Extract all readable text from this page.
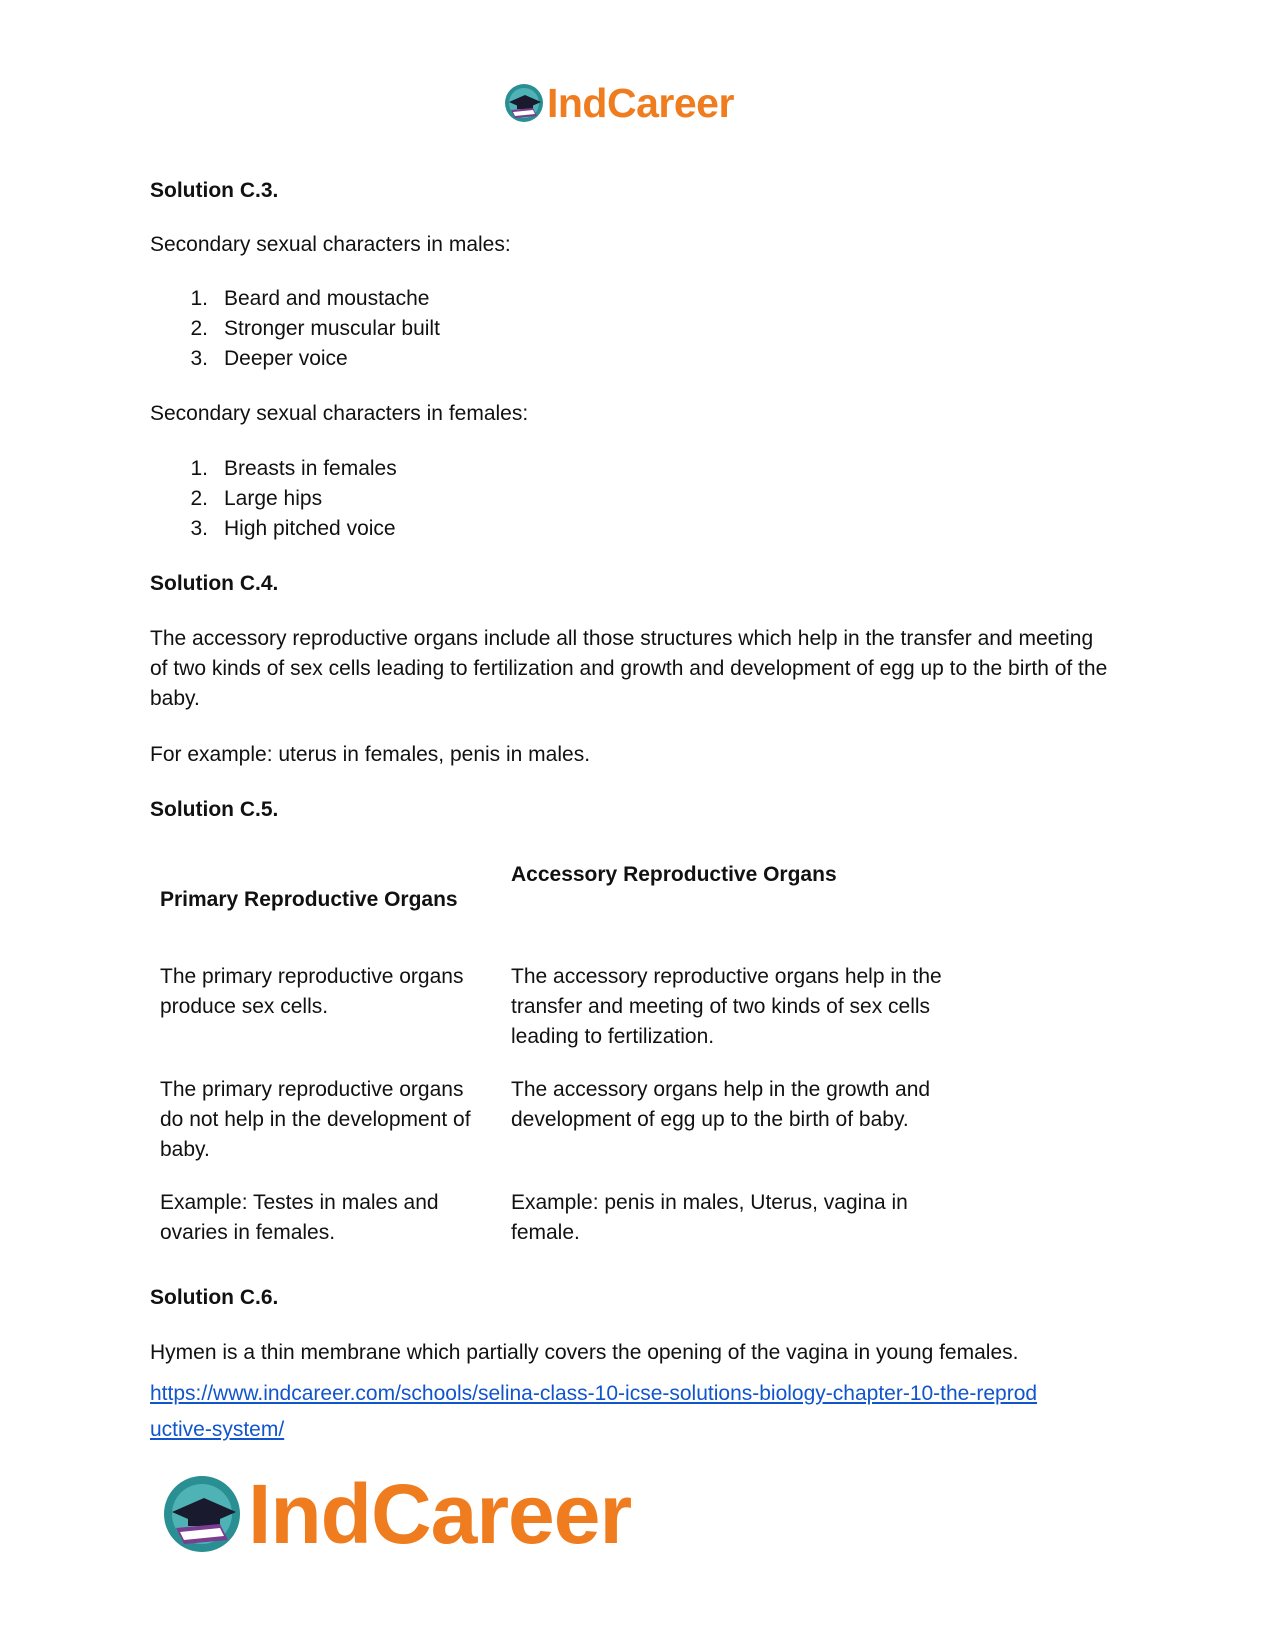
IndCareer
Solution C.3.
Secondary sexual characters in males:
1. Beard and moustache
2. Stronger muscular built
3. Deeper voice
Secondary sexual characters in females:
1. Breasts in females
2. Large hips
3. High pitched voice
Solution C.4.
The accessory reproductive organs include all those structures which help in the transfer and meeting of two kinds of sex cells leading to fertilization and growth and development of egg up to the birth of the baby.
For example: uterus in females, penis in males.
Solution C.5.
Accessory Reproductive Organs
Primary Reproductive Organs
The primary reproductive organs produce sex cells.
The accessory reproductive organs help in the transfer and meeting of two kinds of sex cells leading to fertilization.
The primary reproductive organs do not help in the development of baby.
The accessory organs help in the growth and development of egg up to the birth of baby.
Example: Testes in males and ovaries in females.
Example: penis in males, Uterus, vagina in female.
Solution C.6.
Hymen is a thin membrane which partially covers the opening of the vagina in young females.
https://www.indcareer.com/schools/selina-class-10-icse-solutions-biology-chapter-10-the-reprod
uctive-system/
IndCareer
